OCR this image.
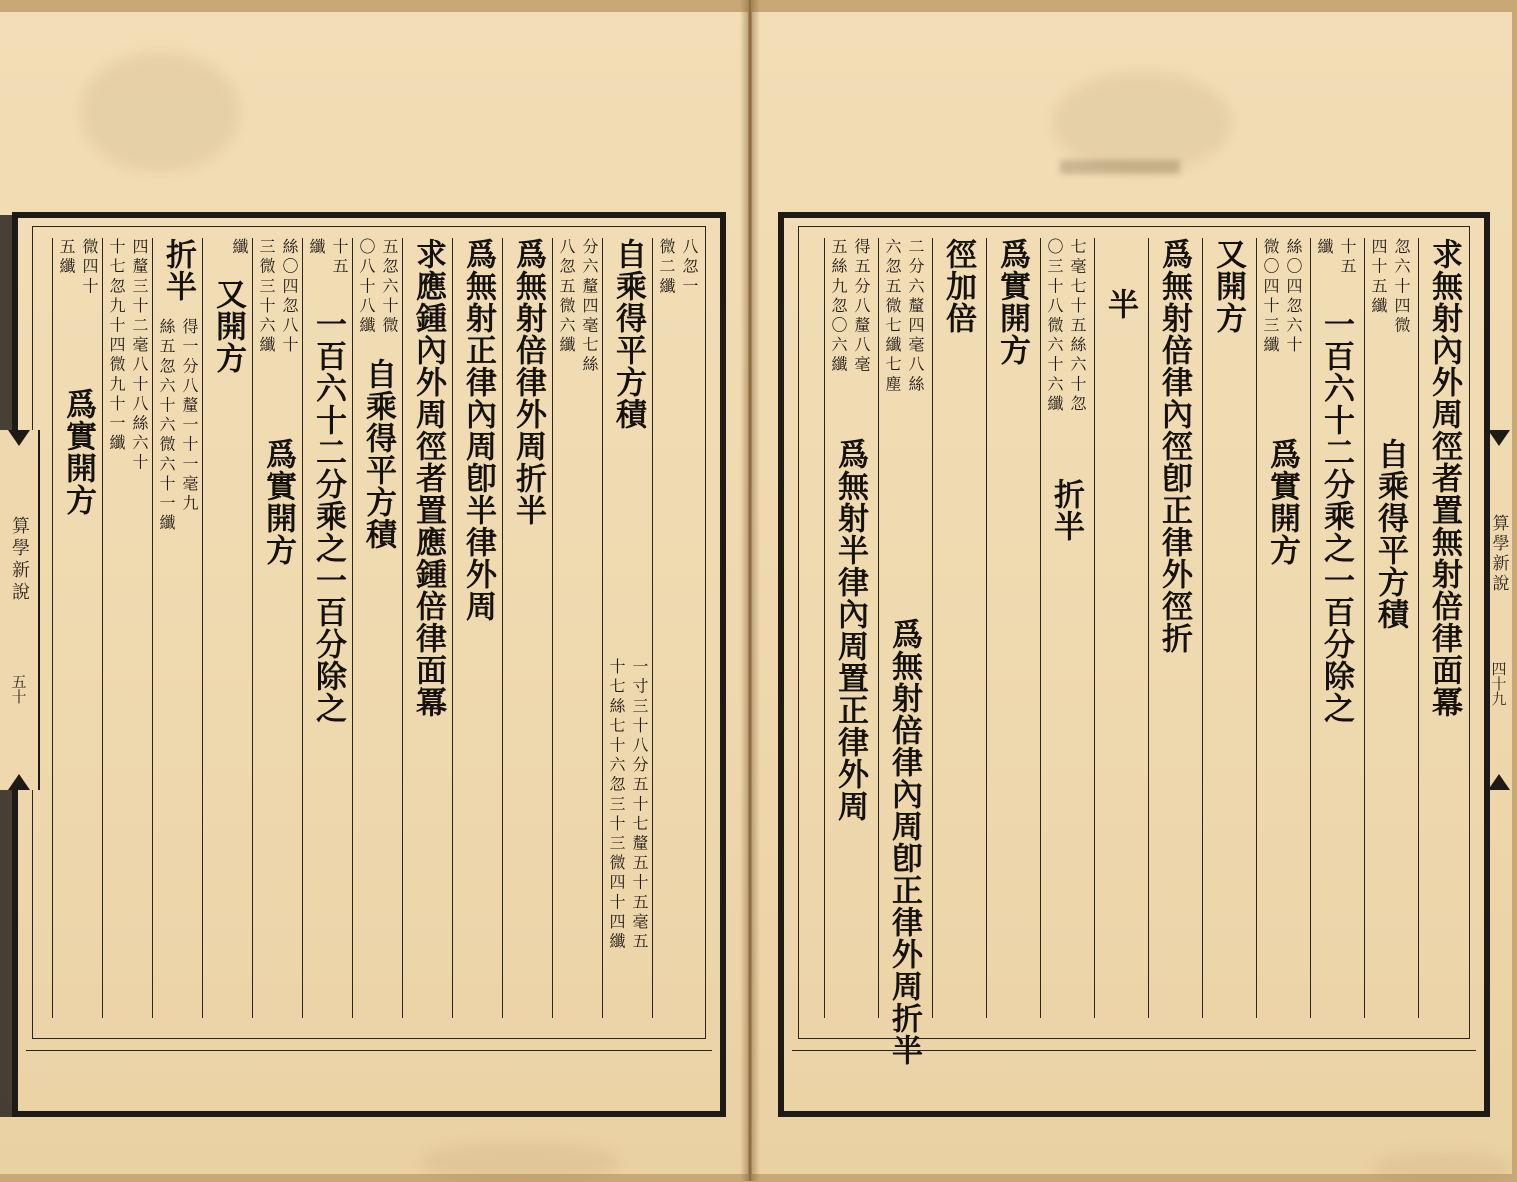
八忽一
微二纖
自乘得平方積
一寸三十八分五十七釐五十五毫五
十七絲七十六忽三十三微四十四纖
分六釐四毫七絲
八忽五微六纖
爲無射倍律外周折半
爲無射正律內周卽半律外周
求應鍾內外周徑者置應鍾倍律面冪
自乘得平方積
五忽六十微
〇八十八纖
一百六十二分乘之一百分除之
十五
纖
爲實開方
絲〇四忽八十
三微三十六纖
又開方
纖
折半
得一分八釐一十一毫九
絲五忽六十六微六十一纖
四釐三十二毫八十八絲六十
十七忽九十四微九十一纖
微四十
五纖
爲實開方
算學新說
五十	求無射內外周徑者置無射倍律面冪
忽六十四微
四十五纖
自乘得平方積
一百六十二分乘之一百分除之
十五
纖
爲實開方
絲〇四忽六十
微〇四十三纖
又開方
爲無射倍律內徑卽正律外徑折
半
折半
七毫七十五絲六十忽
〇三十八微六十六纖
爲實開方
徑加倍
爲無射倍律內周卽正律外周折半
二分六釐四毫八絲
六忽五微七纖七塵
爲無射半律內周置正律外周
得五分八釐八毫
五絲九忽〇六纖
算學新說
四十九
